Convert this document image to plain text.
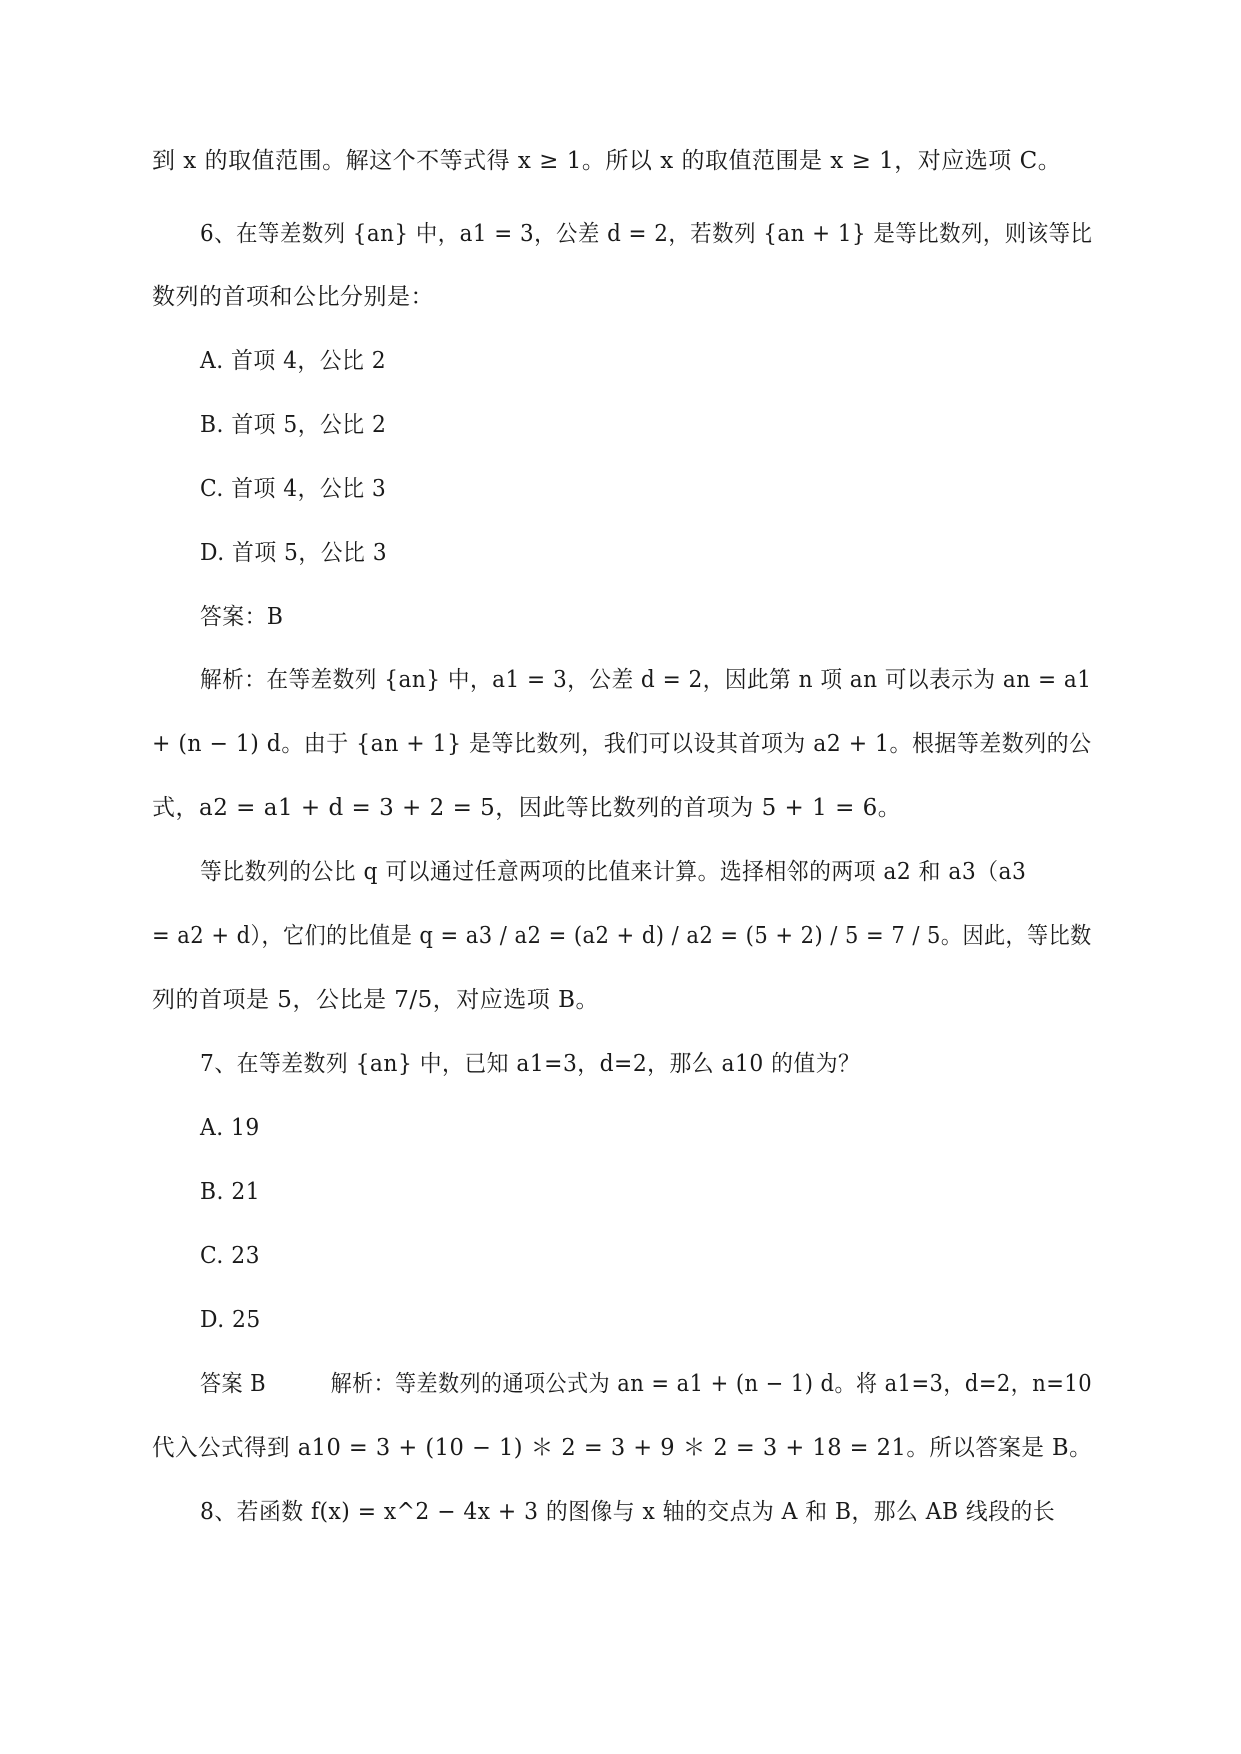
到 x 的取值范围。解这个不等式得 x ≥ 1。所以 x 的取值范围是 x ≥ 1，对应选项 C。
6、在等差数列 {an} 中，a1 = 3，公差 d = 2，若数列 {an + 1} 是等比数列，则该等比
数列的首项和公比分别是：
A. 首项 4，公比 2
B. 首项 5，公比 2
C. 首项 4，公比 3
D. 首项 5，公比 3
答案：B
解析：在等差数列 {an} 中，a1 = 3，公差 d = 2，因此第 n 项 an 可以表示为 an = a1
+ (n − 1) d。由于 {an + 1} 是等比数列，我们可以设其首项为 a2 + 1。根据等差数列的公
式，a2 = a1 + d = 3 + 2 = 5，因此等比数列的首项为 5 + 1 = 6。
等比数列的公比 q 可以通过任意两项的比值来计算。选择相邻的两项 a2 和 a3（a3
= a2 + d），它们的比值是 q = a3 / a2 = (a2 + d) / a2 = (5 + 2) / 5 = 7 / 5。因此，等比数
列的首项是 5，公比是 7/5，对应选项 B。
7、在等差数列 {an} 中，已知 a1=3，d=2，那么 a10 的值为？
A. 19
B. 21
C. 23
D. 25
答案 B　　　解析：等差数列的通项公式为 an = a1 + (n − 1) d。将 a1=3，d=2，n=10
代入公式得到 a10 = 3 + (10 − 1) ＊ 2 = 3 + 9 ＊ 2 = 3 + 18 = 21。所以答案是 B。
8、若函数 f(x) = x^2 − 4x + 3 的图像与 x 轴的交点为 A 和 B，那么 AB 线段的长
